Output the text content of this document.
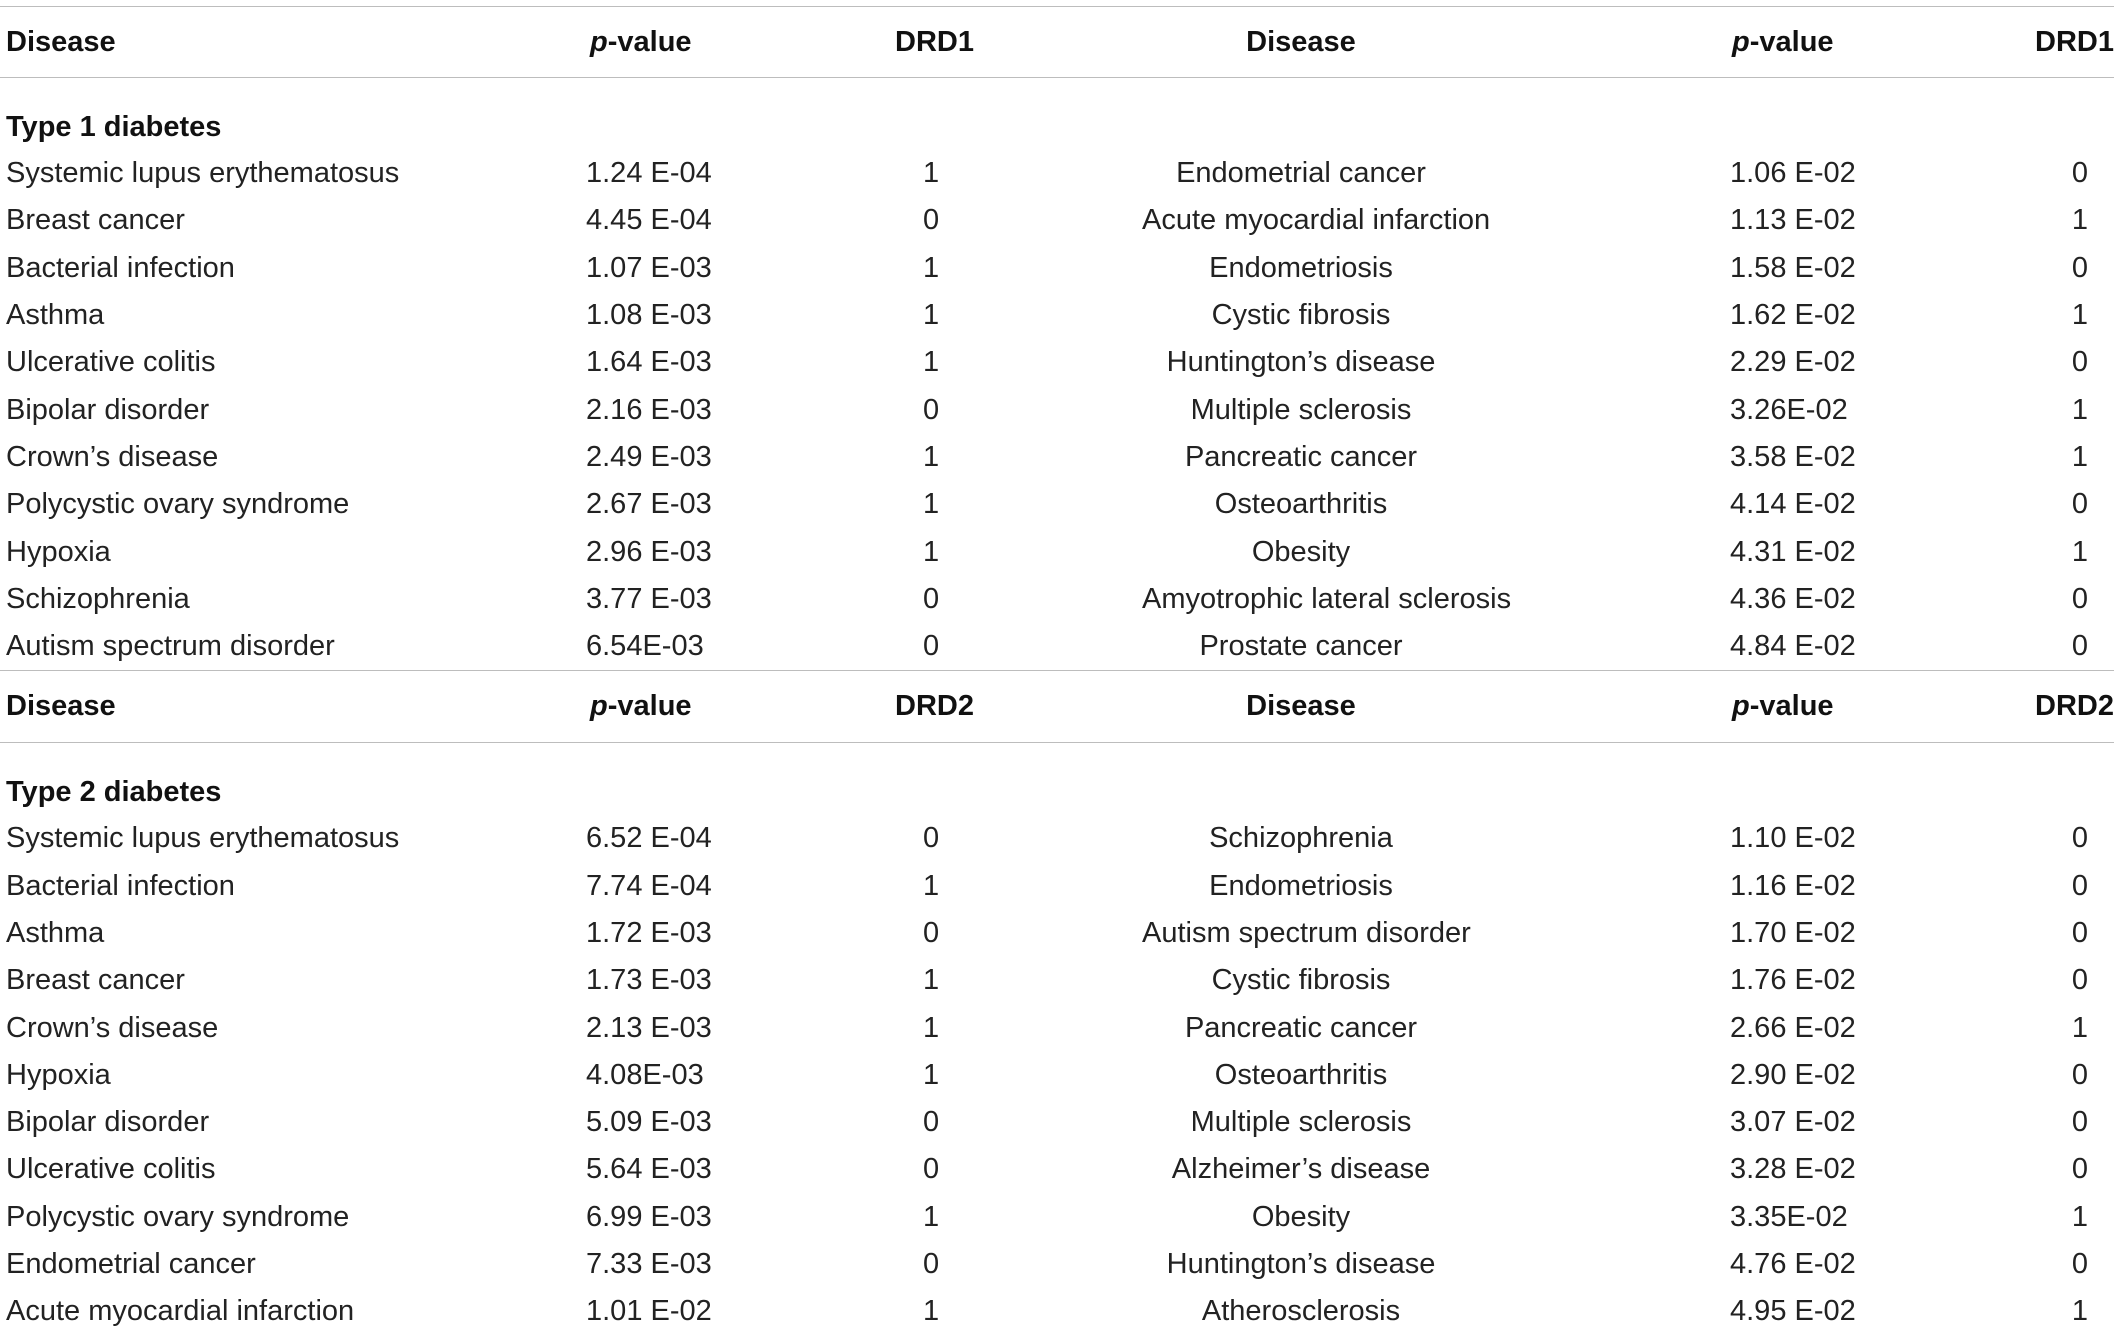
Disease	p-value	DRD1	Disease	p-value	DRD1
Type 1 diabetes					
Systemic lupus erythematosus	1.24 E-04	1	Endometrial cancer	1.06 E-02	0
Breast cancer	4.45 E-04	0	Acute myocardial infarction	1.13 E-02	1
Bacterial infection	1.07 E-03	1	Endometriosis	1.58 E-02	0
Asthma	1.08 E-03	1	Cystic fibrosis	1.62 E-02	1
Ulcerative colitis	1.64 E-03	1	Huntington’s disease	2.29 E-02	0
Bipolar disorder	2.16 E-03	0	Multiple sclerosis	3.26E-02	1
Crown’s disease	2.49 E-03	1	Pancreatic cancer	3.58 E-02	1
Polycystic ovary syndrome	2.67 E-03	1	Osteoarthritis	4.14 E-02	0
Hypoxia	2.96 E-03	1	Obesity	4.31 E-02	1
Schizophrenia	3.77 E-03	0	Amyotrophic lateral sclerosis	4.36 E-02	0
Autism spectrum disorder	6.54E-03	0	Prostate cancer	4.84 E-02	0
Disease	p-value	DRD2	Disease	p-value	DRD2
Type 2 diabetes					
Systemic lupus erythematosus	6.52 E-04	0	Schizophrenia	1.10 E-02	0
Bacterial infection	7.74 E-04	1	Endometriosis	1.16 E-02	0
Asthma	1.72 E-03	0	Autism spectrum disorder	1.70 E-02	0
Breast cancer	1.73 E-03	1	Cystic fibrosis	1.76 E-02	0
Crown’s disease	2.13 E-03	1	Pancreatic cancer	2.66 E-02	1
Hypoxia	4.08E-03	1	Osteoarthritis	2.90 E-02	0
Bipolar disorder	5.09 E-03	0	Multiple sclerosis	3.07 E-02	0
Ulcerative colitis	5.64 E-03	0	Alzheimer’s disease	3.28 E-02	0
Polycystic ovary syndrome	6.99 E-03	1	Obesity	3.35E-02	1
Endometrial cancer	7.33 E-03	0	Huntington’s disease	4.76 E-02	0
Acute myocardial infarction	1.01 E-02	1	Atherosclerosis	4.95 E-02	1
